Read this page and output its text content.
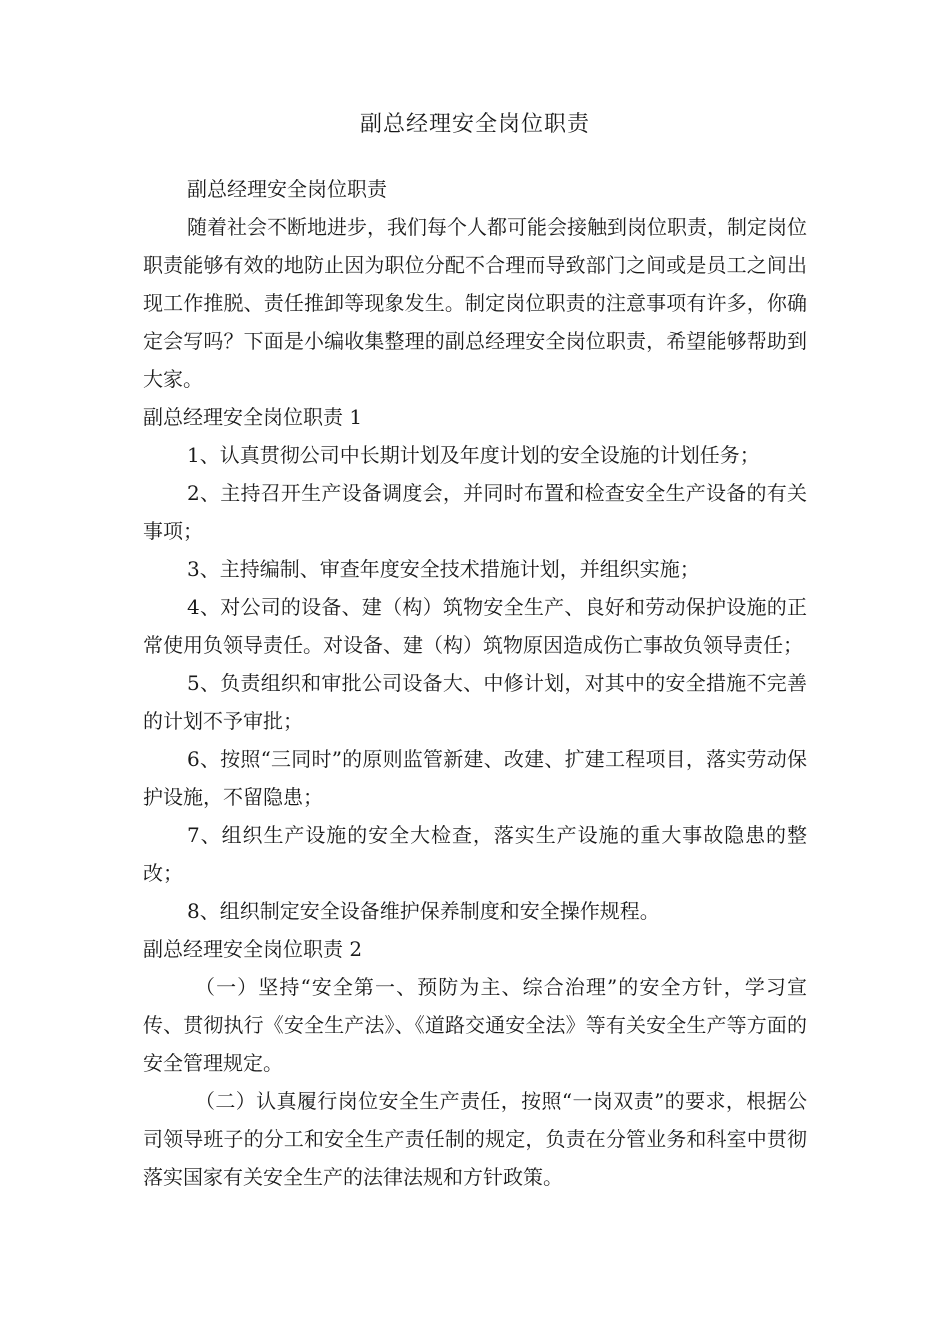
副总经理安全岗位职责

副总经理安全岗位职责

随着社会不断地进步，我们每个人都可能会接触到岗位职责，制定岗位职责能够有效的地防止因为职位分配不合理而导致部门之间或是员工之间出现工作推脱、责任推卸等现象发生。制定岗位职责的注意事项有许多，你确定会写吗？下面是小编收集整理的副总经理安全岗位职责，希望能够帮助到大家。

副总经理安全岗位职责 1

1、认真贯彻公司中长期计划及年度计划的安全设施的计划任务；

2、主持召开生产设备调度会，并同时布置和检查安全生产设备的有关事项；

3、主持编制、审查年度安全技术措施计划，并组织实施；

4、对公司的设备、建（构）筑物安全生产、良好和劳动保护设施的正常使用负领导责任。对设备、建（构）筑物原因造成伤亡事故负领导责任；

5、负责组织和审批公司设备大、中修计划，对其中的安全措施不完善的计划不予审批；

6、按照“三同时”的原则监管新建、改建、扩建工程项目，落实劳动保护设施，不留隐患；

7、组织生产设施的安全大检查，落实生产设施的重大事故隐患的整改；

8、组织制定安全设备维护保养制度和安全操作规程。

副总经理安全岗位职责 2

（一）坚持“安全第一、预防为主、综合治理”的安全方针，学习宣传、贯彻执行《安全生产法》、《道路交通安全法》等有关安全生产等方面的安全管理规定。

（二）认真履行岗位安全生产责任，按照“一岗双责”的要求，根据公司领导班子的分工和安全生产责任制的规定，负责在分管业务和科室中贯彻落实国家有关安全生产的法律法规和方针政策。
